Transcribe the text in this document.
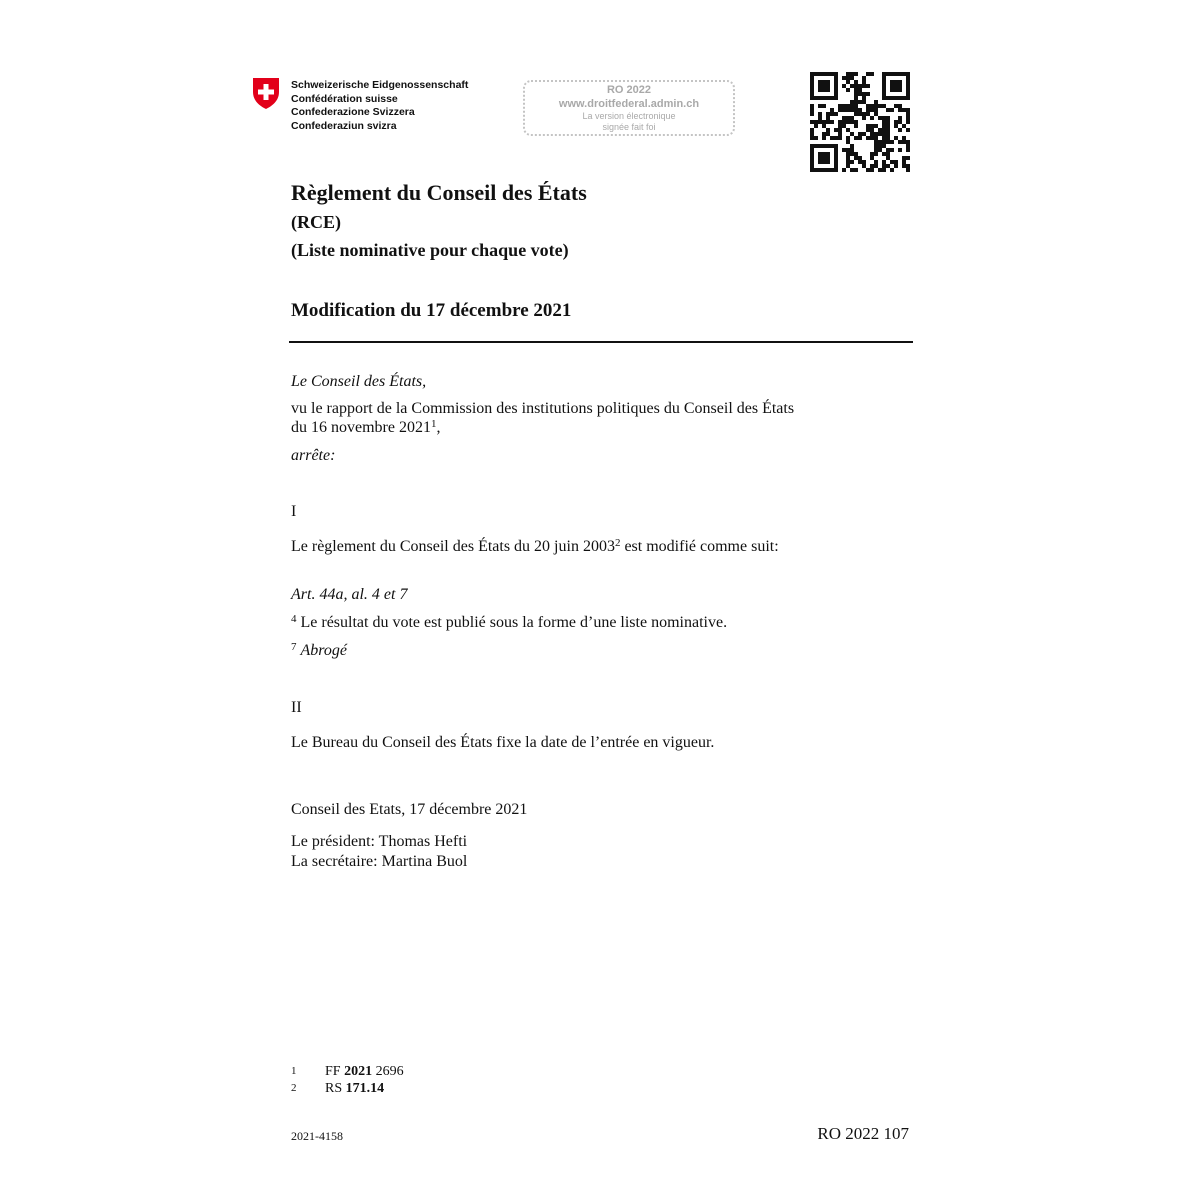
Schweizerische Eidgenossenschaft
Confédération suisse
Confederazione Svizzera
Confederaziun svizra
RO 2022
www.droitfederal.admin.ch
La version électronique
signée fait foi
Règlement du Conseil des États
(RCE)
(Liste nominative pour chaque vote)
Modification du 17 décembre 2021
Le Conseil des États,
vu le rapport de la Commission des institutions politiques du Conseil des États
du 16 novembre 2021$^1$,
arrête:
I
Le règlement du Conseil des États du 20 juin 2003$^2$ est modifié comme suit:
Art. 44a, al. 4 et 7
$^4$ Le résultat du vote est publié sous la forme d’une liste nominative.
$^7$ Abrogé
II
Le Bureau du Conseil des États fixe la date de l’entrée en vigueur.
Conseil des Etats, 17 décembre 2021
Le président: Thomas Hefti
La secrétaire: Martina Buol
1 FF 2021 2696
2 RS 171.14
2021-4158	RO 2022 107
